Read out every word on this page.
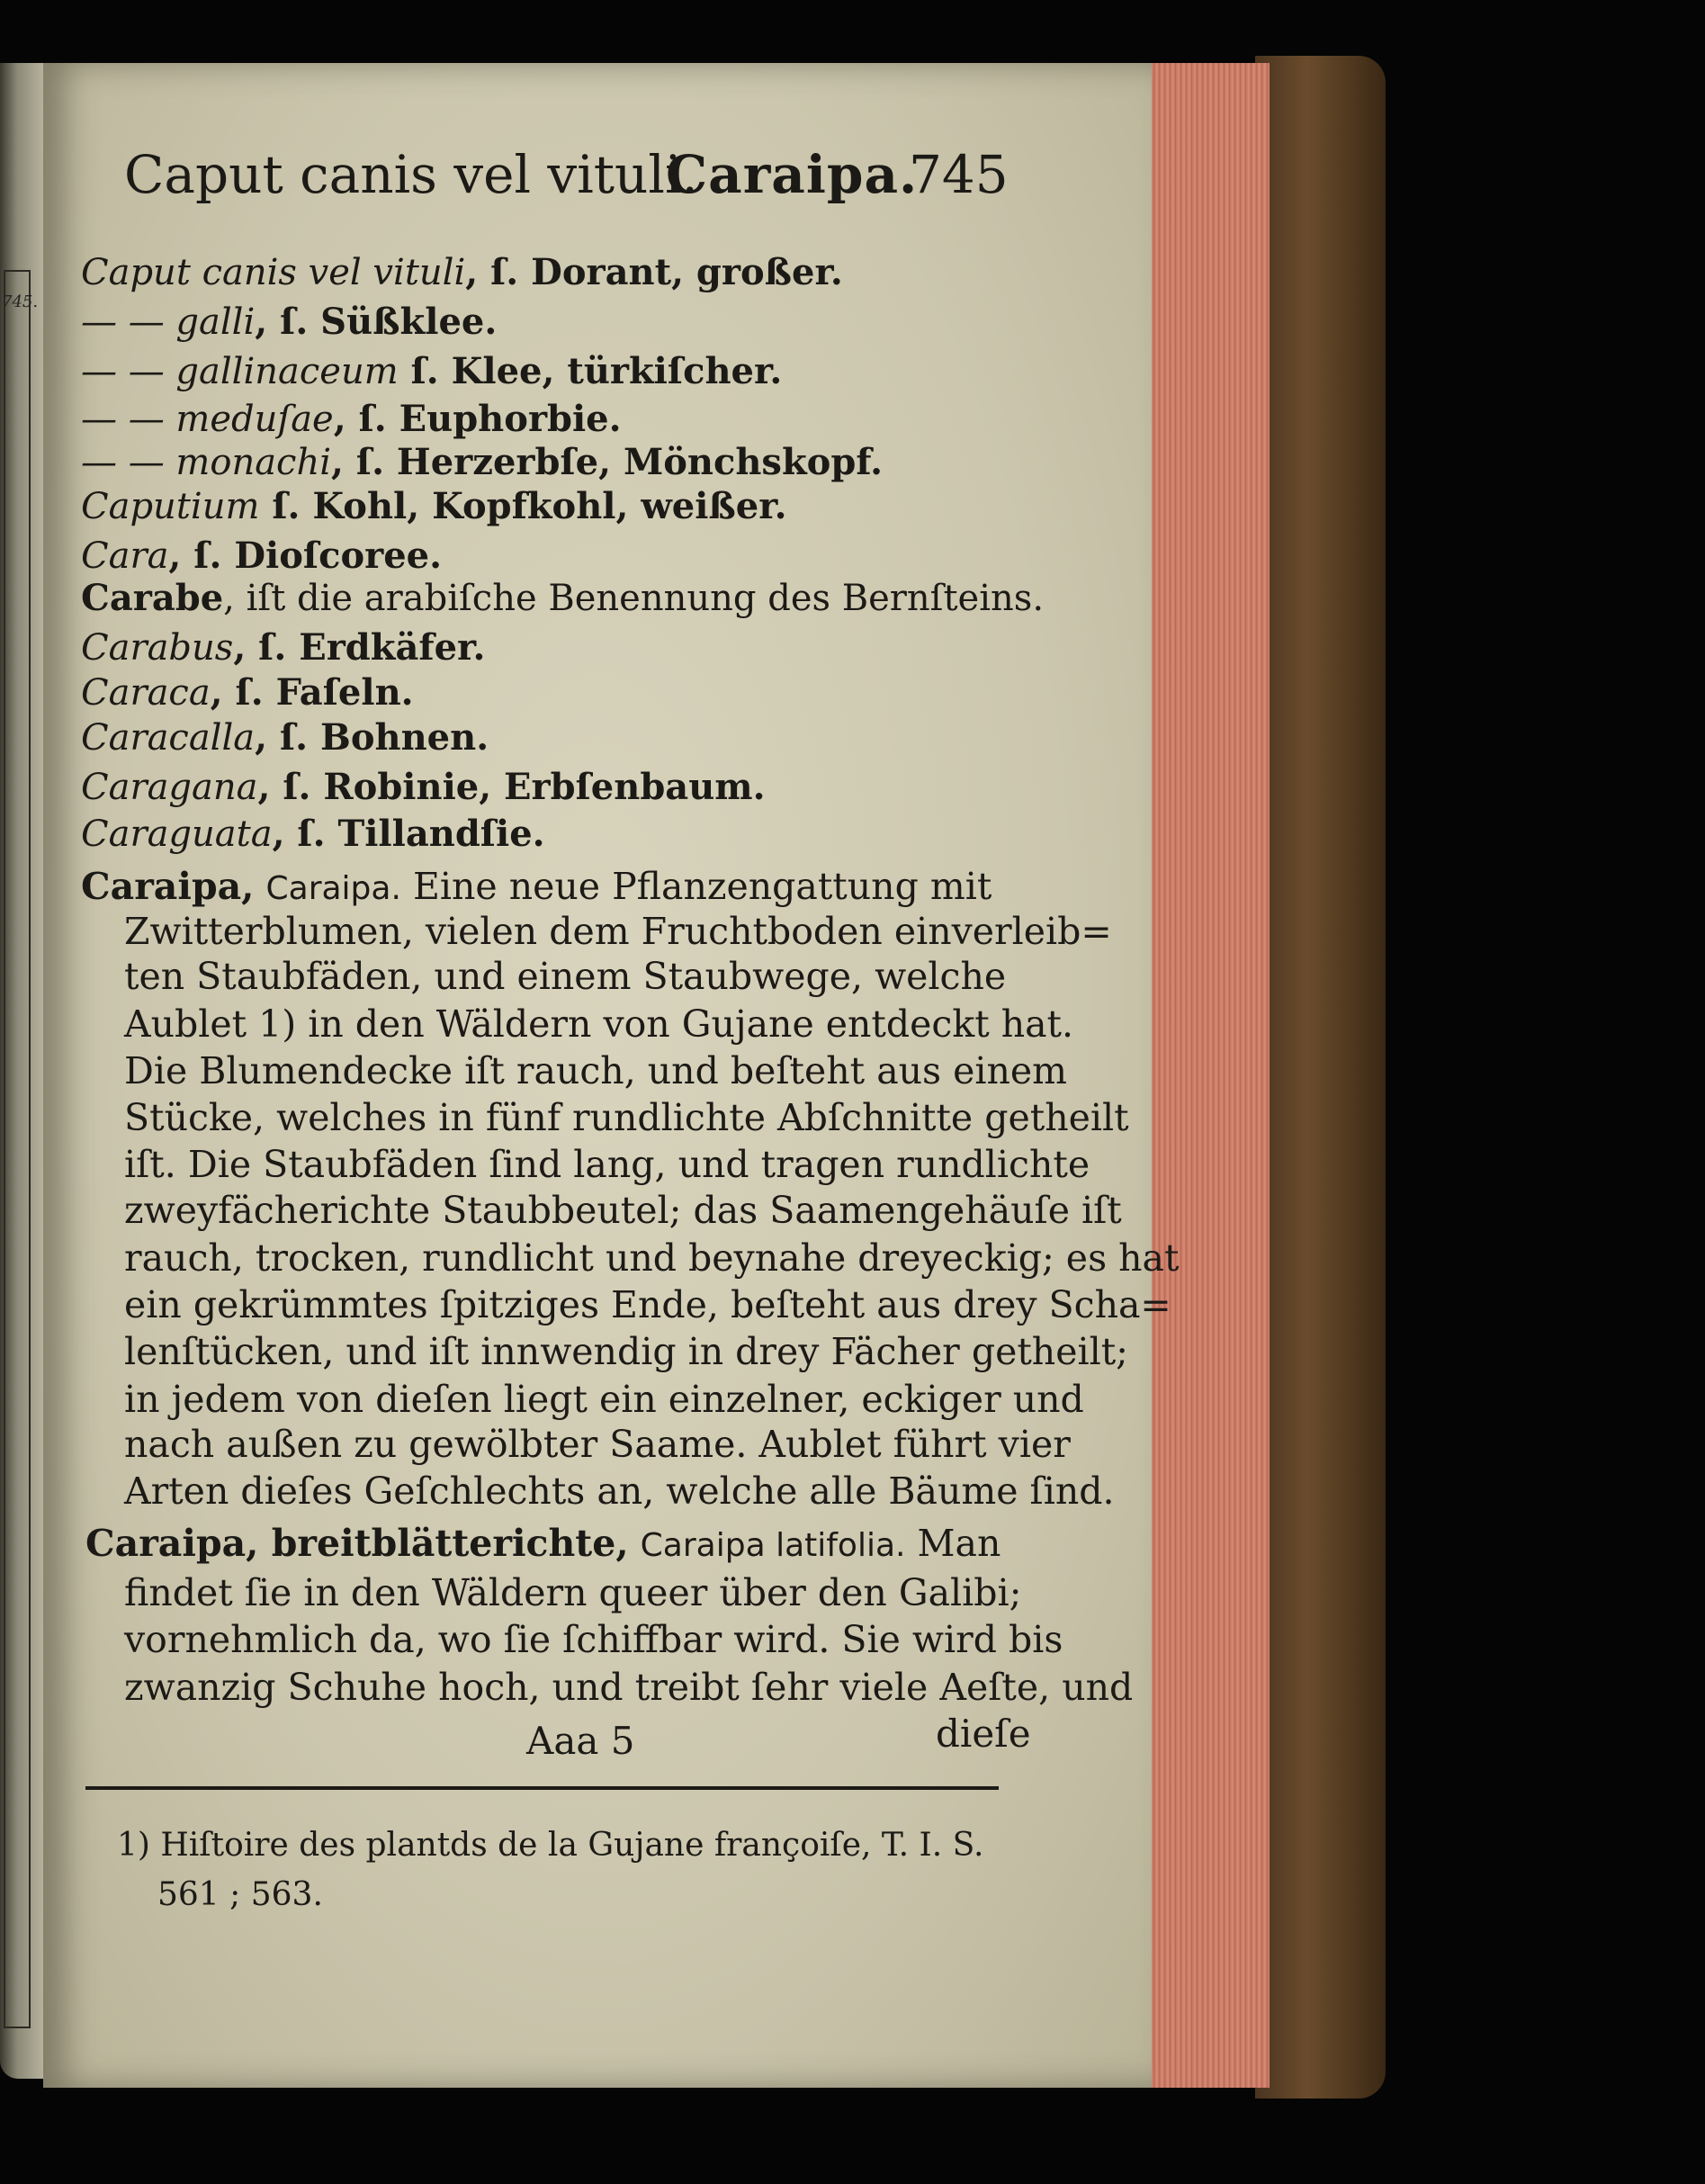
745.
Caput canis vel vituli.
Caraipa.
745
Caput canis vel vituli, ſ. Dorant, großer.
— — galli, ſ. Süßklee.
— — gallinaceum ſ. Klee, türkiſcher.
— — meduſae, ſ. Euphorbie.
— — monachi, ſ. Herzerbſe, Mönchskopf.
Caputium ſ. Kohl, Kopfkohl, weißer.
Cara, ſ. Dioſcoree.
Carabe, iſt die arabiſche Benennung des Bernſteins.
Carabus, ſ. Erdkäfer.
Caraca, ſ. Faſeln.
Caracalla, ſ. Bohnen.
Caragana, ſ. Robinie, Erbſenbaum.
Caraguata, ſ. Tillandſie.
Caraipa, Caraipa. Eine neue Pflanzengattung mit
Zwitterblumen, vielen dem Fruchtboden einverleib=
ten Staubfäden, und einem Staubwege, welche
Aublet 1) in den Wäldern von Gujane entdeckt hat.
Die Blumendecke iſt rauch, und beſteht aus einem
Stücke, welches in fünf rundlichte Abſchnitte getheilt
iſt. Die Staubfäden ſind lang, und tragen rundlichte
zweyfächerichte Staubbeutel; das Saamengehäuſe iſt
rauch, trocken, rundlicht und beynahe dreyeckig; es hat
ein gekrümmtes ſpitziges Ende, beſteht aus drey Scha=
lenſtücken, und iſt innwendig in drey Fächer getheilt;
in jedem von dieſen liegt ein einzelner, eckiger und
nach außen zu gewölbter Saame. Aublet führt vier
Arten dieſes Geſchlechts an, welche alle Bäume ſind.
Caraipa, breitblätterichte, Caraipa latifolia. Man
findet ſie in den Wäldern queer über den Galibi;
vornehmlich da, wo ſie ſchiffbar wird. Sie wird bis
zwanzig Schuhe hoch, und treibt ſehr viele Aeſte, und
Aaa 5	dieſe
1) Hiſtoire des plantds de la Gujane françoiſe, T. I. S.
561 ; 563.
